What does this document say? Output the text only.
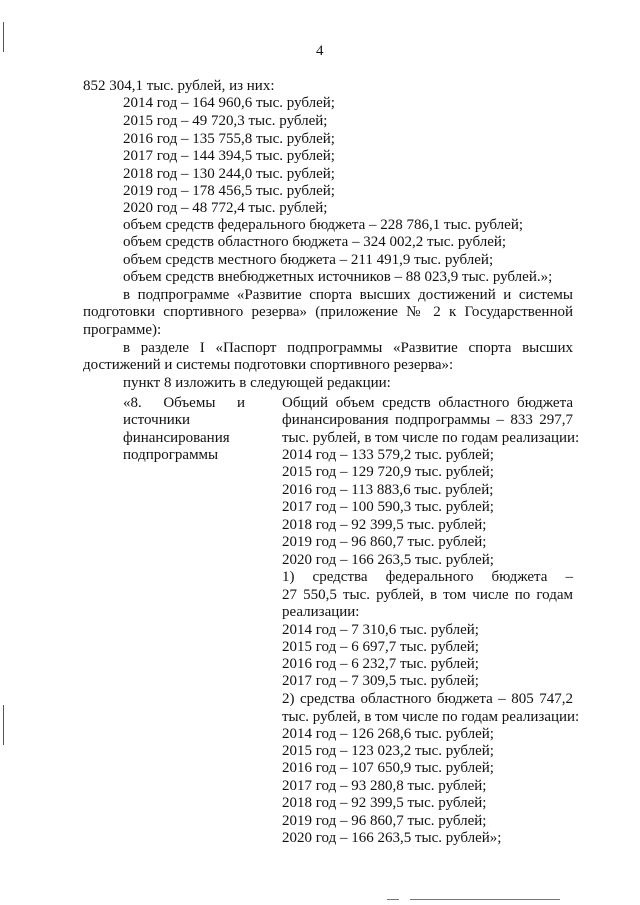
4
852 304,1 тыс. рублей, из них:
2014 год – 164 960,6 тыс. рублей;
2015 год – 49 720,3 тыс. рублей;
2016 год – 135 755,8 тыс. рублей;
2017 год – 144 394,5 тыс. рублей;
2018 год – 130 244,0 тыс. рублей;
2019 год – 178 456,5 тыс. рублей;
2020 год – 48 772,4 тыс. рублей;
объем средств федерального бюджета – 228 786,1 тыс. рублей;
объем средств областного бюджета – 324 002,2 тыс. рублей;
объем средств местного бюджета – 211 491,9 тыс. рублей;
объем средств внебюджетных источников – 88 023,9 тыс. рублей.»;
в подпрограмме «Развитие спорта высших достижений и системы
подготовки спортивного резерва» (приложение № 2 к Государственной
программе):
в разделе I «Паспорт подпрограммы «Развитие спорта высших
достижений и системы подготовки спортивного резерва»:
пункт 8 изложить в следующей редакции:
«8. Объемы и
источники
финансирования
подпрограммы
Общий объем средств областного бюджета
финансирования подпрограммы – 833 297,7
тыс. рублей, в том числе по годам реализации:
2014 год – 133 579,2 тыс. рублей;
2015 год – 129 720,9 тыс. рублей;
2016 год – 113 883,6 тыс. рублей;
2017 год – 100 590,3 тыс. рублей;
2018 год – 92 399,5 тыс. рублей;
2019 год – 96 860,7 тыс. рублей;
2020 год – 166 263,5 тыс. рублей;
1) средства федерального бюджета –
27 550,5 тыс. рублей, в том числе по годам
реализации:
2014 год – 7 310,6 тыс. рублей;
2015 год – 6 697,7 тыс. рублей;
2016 год – 6 232,7 тыс. рублей;
2017 год – 7 309,5 тыс. рублей;
2) средства областного бюджета – 805 747,2
тыс. рублей, в том числе по годам реализации:
2014 год – 126 268,6 тыс. рублей;
2015 год – 123 023,2 тыс. рублей;
2016 год – 107 650,9 тыс. рублей;
2017 год – 93 280,8 тыс. рублей;
2018 год – 92 399,5 тыс. рублей;
2019 год – 96 860,7 тыс. рублей;
2020 год – 166 263,5 тыс. рублей»;
